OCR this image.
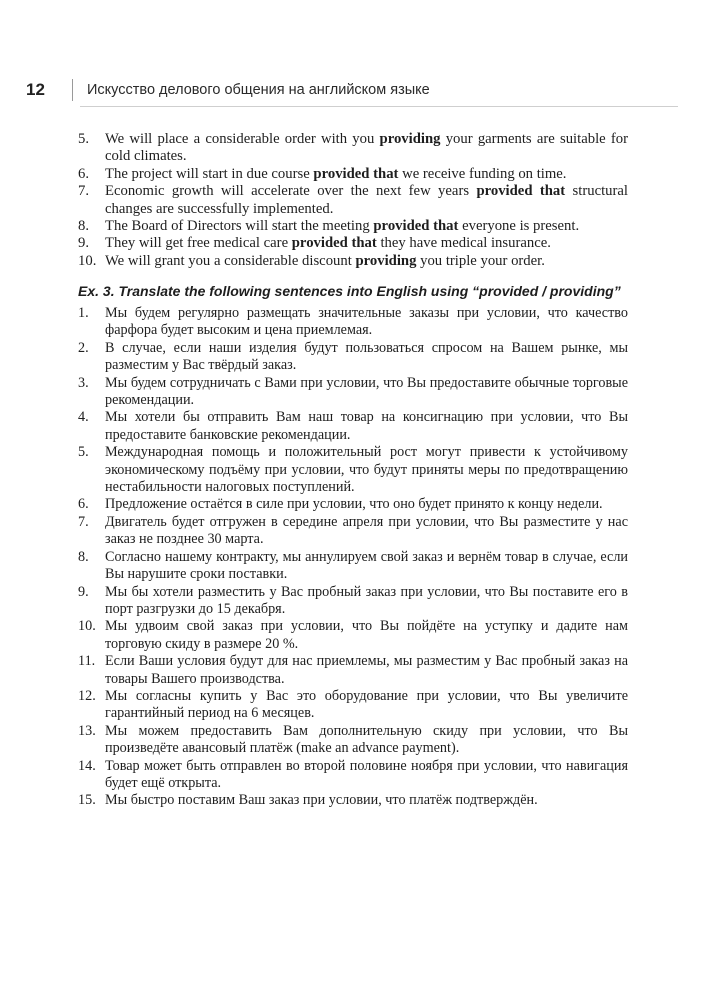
12	Искусство делового общения на английском языке
5. We will place a considerable order with you providing your garments are suitable for cold climates.
6. The project will start in due course provided that we receive funding on time.
7. Economic growth will accelerate over the next few years provided that structural changes are successfully implemented.
8. The Board of Directors will start the meeting provided that everyone is present.
9. They will get free medical care provided that they have medical insurance.
10. We will grant you a considerable discount providing you triple your order.
Ex. 3. Translate the following sentences into English using “provided / providing”
1. Мы будем регулярно размещать значительные заказы при условии, что качество фарфора будет высоким и цена приемлемая.
2. В случае, если наши изделия будут пользоваться спросом на Вашем рынке, мы разместим у Вас твёрдый заказ.
3. Мы будем сотрудничать с Вами при условии, что Вы предоставите обычные торговые рекомендации.
4. Мы хотели бы отправить Вам наш товар на консигнацию при условии, что Вы предоставите банковские рекомендации.
5. Международная помощь и положительный рост могут привести к устойчивому экономическому подъёму при условии, что будут приняты меры по предотвращению нестабильности налоговых поступлений.
6. Предложение остаётся в силе при условии, что оно будет принято к концу недели.
7. Двигатель будет отгружен в середине апреля при условии, что Вы разместите у нас заказ не позднее 30 марта.
8. Согласно нашему контракту, мы аннулируем свой заказ и вернём товар в случае, если Вы нарушите сроки поставки.
9. Мы бы хотели разместить у Вас пробный заказ при условии, что Вы поставите его в порт разгрузки до 15 декабря.
10. Мы удвоим свой заказ при условии, что Вы пойдёте на уступку и дадите нам торговую скиду в размере 20 %.
11. Если Ваши условия будут для нас приемлемы, мы разместим у Вас пробный заказ на товары Вашего производства.
12. Мы согласны купить у Вас это оборудование при условии, что Вы увеличите гарантийный период на 6 месяцев.
13. Мы можем предоставить Вам дополнительную скиду при условии, что Вы произведёте авансовый платёж (make an advance payment).
14. Товар может быть отправлен во второй половине ноября при условии, что навигация будет ещё открыта.
15. Мы быстро поставим Ваш заказ при условии, что платёж подтверждён.
